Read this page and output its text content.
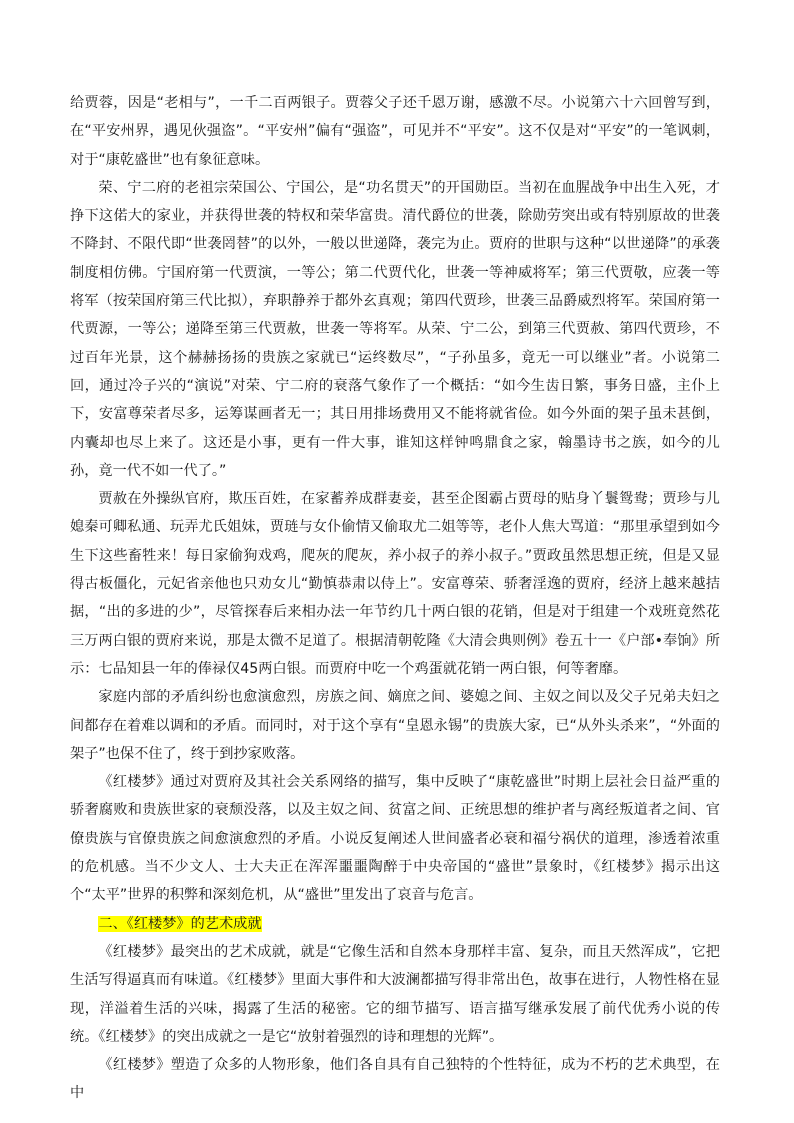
给贾蓉，因是“老相与”，一千二百两银子。贾蓉父子还千恩万谢，感激不尽。小说第六十六回曾写到，在“平安州界，遇见伙强盗”。“平安州”偏有“强盗”，可见并不“平安”。这不仅是对“平安”的一笔讽刺，对于“康乾盛世”也有象征意味。

荣、宁二府的老祖宗荣国公、宁国公，是“功名贯天”的开国勋臣。当初在血腥战争中出生入死，才挣下这偌大的家业，并获得世袭的特权和荣华富贵。清代爵位的世袭，除勋劳突出或有特别原故的世袭不降封、不限代即“世袭罔替”的以外，一般以世递降，袭完为止。贾府的世职与这种“以世递降”的承袭制度相仿佛。宁国府第一代贾演，一等公；第二代贾代化，世袭一等神威将军；第三代贾敬，应袭一等将军（按荣国府第三代比拟），弃职静养于都外玄真观；第四代贾珍，世袭三品爵威烈将军。荣国府第一代贾源，一等公；递降至第三代贾赦，世袭一等将军。从荣、宁二公，到第三代贾赦、第四代贾珍，不过百年光景，这个赫赫扬扬的贵族之家就已“运终数尽”，“子孙虽多，竟无一可以继业”者。小说第二回，通过冷子兴的“演说”对荣、宁二府的衰落气象作了一个概括：“如今生齿日繁，事务日盛，主仆上下，安富尊荣者尽多，运筹谋画者无一；其日用排场费用又不能将就省俭。如今外面的架子虽未甚倒，内囊却也尽上来了。这还是小事，更有一件大事，谁知这样钟鸣鼎食之家，翰墨诗书之族，如今的儿孙，竟一代不如一代了。”

贾赦在外操纵官府，欺压百姓，在家蓄养成群妻妾，甚至企图霸占贾母的贴身丫鬟鸳鸯；贾珍与儿媳秦可卿私通、玩弄尤氏姐妹，贾琏与女仆偷情又偷取尤二姐等等，老仆人焦大骂道：“那里承望到如今生下这些畜牲来！每日家偷狗戏鸡，爬灰的爬灰，养小叔子的养小叔子。”贾政虽然思想正统，但是又显得古板僵化，元妃省亲他也只劝女儿“勤慎恭肃以侍上”。安富尊荣、骄奢淫逸的贾府，经济上越来越拮据，“出的多进的少”，尽管探春后来相办法一年节约几十两白银的花销，但是对于组建一个戏班竟然花三万两白银的贾府来说，那是太微不足道了。根据清朝乾隆《大清会典则例》卷五十一《户部•奉饷》所示：七品知县一年的俸禄仅45两白银。而贾府中吃一个鸡蛋就花销一两白银，何等奢靡。

家庭内部的矛盾纠纷也愈演愈烈，房族之间、嫡庶之间、婆媳之间、主奴之间以及父子兄弟夫妇之间都存在着难以调和的矛盾。而同时，对于这个享有“皇恩永锡”的贵族大家，已“从外头杀来”，“外面的架子”也保不住了，终于到抄家败落。

《红楼梦》通过对贾府及其社会关系网络的描写，集中反映了“康乾盛世”时期上层社会日益严重的骄奢腐败和贵族世家的衰颓没落，以及主奴之间、贫富之间、正统思想的维护者与离经叛道者之间、官僚贵族与官僚贵族之间愈演愈烈的矛盾。小说反复阐述人世间盛者必衰和福兮祸伏的道理，渗透着浓重的危机感。当不少文人、士大夫正在浑浑噩噩陶醉于中央帝国的“盛世”景象时，《红楼梦》揭示出这个“太平”世界的积弊和深刻危机，从“盛世”里发出了哀音与危言。

二、《红楼梦》的艺术成就

《红楼梦》最突出的艺术成就，就是“它像生活和自然本身那样丰富、复杂，而且天然浑成”，它把生活写得逼真而有味道。《红楼梦》里面大事件和大波澜都描写得非常出色，故事在进行，人物性格在显现，洋溢着生活的兴味，揭露了生活的秘密。它的细节描写、语言描写继承发展了前代优秀小说的传统。《红楼梦》的突出成就之一是它“放射着强烈的诗和理想的光辉”。

《红楼梦》塑造了众多的人物形象，他们各自具有自己独特的个性特征，成为不朽的艺术典型，在中
